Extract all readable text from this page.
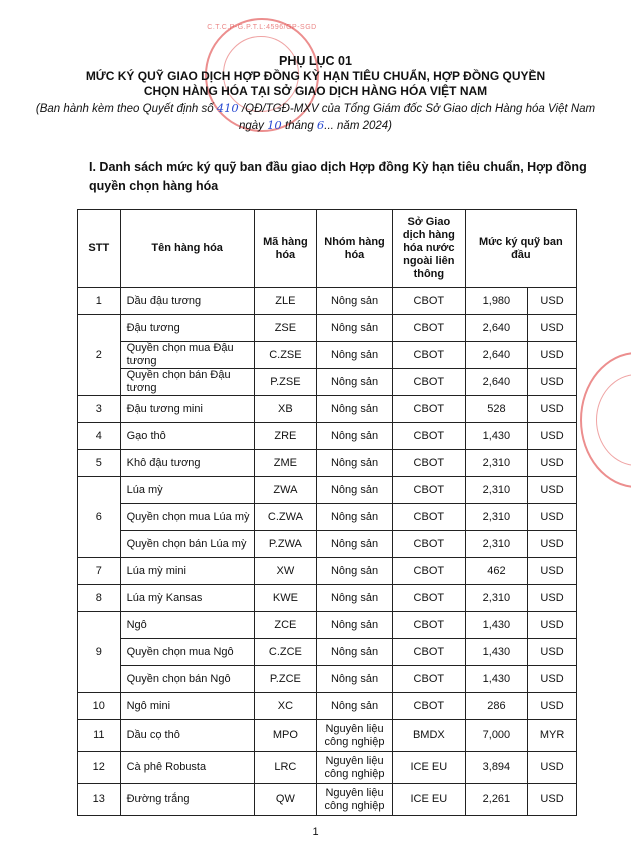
C.T.C.P-G.P.T.L:4596/GP-SGD
PHỤ LỤC 01
MỨC KÝ QUỸ GIAO DỊCH HỢP ĐỒNG KỲ HẠN TIÊU CHUẨN, HỢP ĐỒNG QUYỀN
CHỌN HÀNG HÓA TẠI SỞ GIAO DỊCH HÀNG HÓA VIỆT NAM
(Ban hành kèm theo Quyết định số 410 /QĐ/TGĐ-MXV của Tổng Giám đốc Sở Giao dịch Hàng hóa Việt Nam
ngày 10 tháng 6... năm 2024)
I. Danh sách mức ký quỹ ban đầu giao dịch Hợp đồng Kỳ hạn tiêu chuẩn, Hợp đồng quyền chọn hàng hóa
STT	Tên hàng hóa	Mã hàng hóa	Nhóm hàng hóa	Sở Giao dịch hàng hóa nước ngoài liên thông	Mức ký quỹ ban đầu	
1	Dầu đậu tương	ZLE	Nông sản	CBOT	1,980	USD
2	Đậu tương	ZSE	Nông sản	CBOT	2,640	USD
	Quyền chọn mua Đậu tương	C.ZSE	Nông sản	CBOT	2,640	USD
	Quyền chọn bán Đậu tương	P.ZSE	Nông sản	CBOT	2,640	USD
3	Đậu tương mini	XB	Nông sản	CBOT	528	USD
4	Gạo thô	ZRE	Nông sản	CBOT	1,430	USD
5	Khô đậu tương	ZME	Nông sản	CBOT	2,310	USD
6	Lúa mỳ	ZWA	Nông sản	CBOT	2,310	USD
	Quyền chọn mua Lúa mỳ	C.ZWA	Nông sản	CBOT	2,310	USD
	Quyền chọn bán Lúa mỳ	P.ZWA	Nông sản	CBOT	2,310	USD
7	Lúa mỳ mini	XW	Nông sản	CBOT	462	USD
8	Lúa mỳ Kansas	KWE	Nông sản	CBOT	2,310	USD
9	Ngô	ZCE	Nông sản	CBOT	1,430	USD
	Quyền chọn mua Ngô	C.ZCE	Nông sản	CBOT	1,430	USD
	Quyền chọn bán Ngô	P.ZCE	Nông sản	CBOT	1,430	USD
10	Ngô mini	XC	Nông sản	CBOT	286	USD
11	Dầu cọ thô	MPO	Nguyên liệu công nghiệp	BMDX	7,000	MYR
12	Cà phê Robusta	LRC	Nguyên liệu công nghiệp	ICE EU	3,894	USD
13	Đường trắng	QW	Nguyên liệu công nghiệp	ICE EU	2,261	USD
1
